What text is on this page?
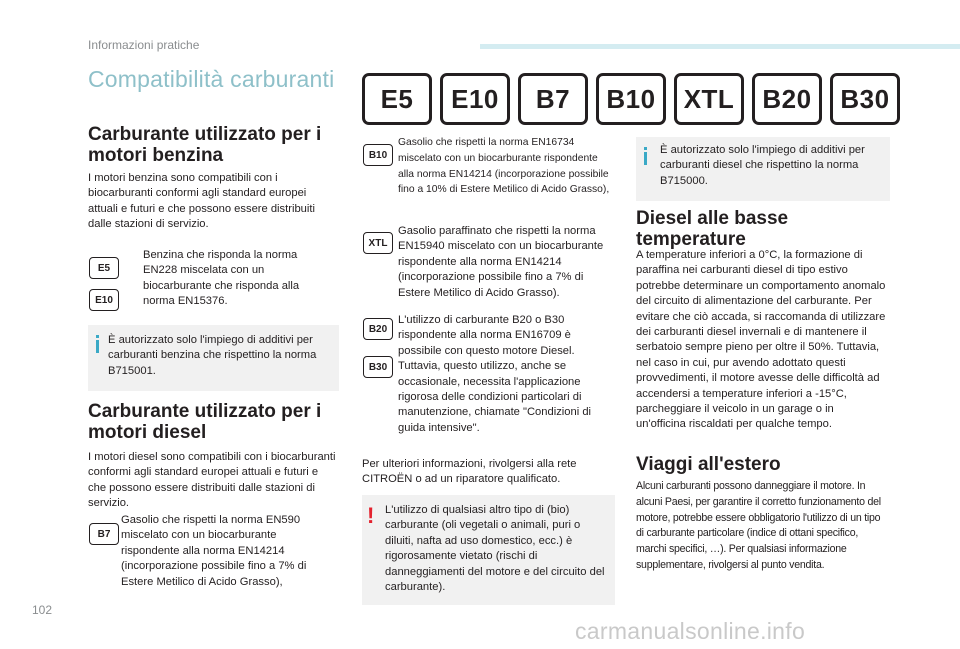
Informazioni pratiche
Compatibilità carburanti
E5	E10	B7	B10	XTL	B20	B30
Carburante utilizzato per i motori benzina
I motori benzina sono compatibili con i biocarburanti conformi agli standard europei attuali e futuri e che possono essere distribuiti dalle stazioni di servizio.
E5
E10
Benzina che risponda la norma EN228 miscelata con un biocarburante che risponda alla norma EN15376.
È autorizzato solo l'impiego di additivi per carburanti benzina che rispettino la norma B715001.
Carburante utilizzato per i motori diesel
I motori diesel sono compatibili con i biocarburanti conformi agli standard europei attuali e futuri e che possono essere distribuiti dalle stazioni di servizio.
B7
Gasolio che rispetti la norma EN590 miscelato con un biocarburante rispondente alla norma EN14214 (incorporazione possibile fino a 7% di Estere Metilico di Acido Grasso),
B10
Gasolio che rispetti la norma EN16734 miscelato con un biocarburante rispondente alla norma EN14214 (incorporazione possibile fino a 10% di Estere Metilico di Acido Grasso),
XTL
Gasolio paraffinato che rispetti la norma EN15940 miscelato con un biocarburante rispondente alla norma EN14214 (incorporazione possibile fino a 7% di Estere Metilico di Acido Grasso).
B20
B30
L'utilizzo di carburante B20 o B30 rispondente alla norma EN16709 è possibile con questo motore Diesel. Tuttavia, questo utilizzo, anche se occasionale, necessita l'applicazione rigorosa delle condizioni particolari di manutenzione, chiamate "Condizioni di guida intensive".
Per ulteriori informazioni, rivolgersi alla rete CITROËN o ad un riparatore qualificato.
! L'utilizzo di qualsiasi altro tipo di (bio) carburante (oli vegetali o animali, puri o diluiti, nafta ad uso domestico, ecc.) è rigorosamente vietato (rischi di danneggiamenti del motore e del circuito del carburante).
È autorizzato solo l'impiego di additivi per carburanti diesel che rispettino la norma B715000.
Diesel alle basse temperature
A temperature inferiori a 0°C, la formazione di paraffina nei carburanti diesel di tipo estivo potrebbe determinare un comportamento anomalo del circuito di alimentazione del carburante. Per evitare che ciò accada, si raccomanda di utilizzare dei carburanti diesel invernali e di mantenere il serbatoio sempre pieno per oltre il 50%. Tuttavia, nel caso in cui, pur avendo adottato questi provvedimenti, il motore avesse delle difficoltà ad accendersi a temperature inferiori a -15°C, parcheggiare il veicolo in un garage o in un'officina riscaldati per qualche tempo.
Viaggi all'estero
Alcuni carburanti possono danneggiare il motore. In alcuni Paesi, per garantire il corretto funzionamento del motore, potrebbe essere obbligatorio l'utilizzo di un tipo di carburante particolare (indice di ottani specifico, marchi specifici, …). Per qualsiasi informazione supplementare, rivolgersi al punto vendita.
102
carmanualsonline.info
